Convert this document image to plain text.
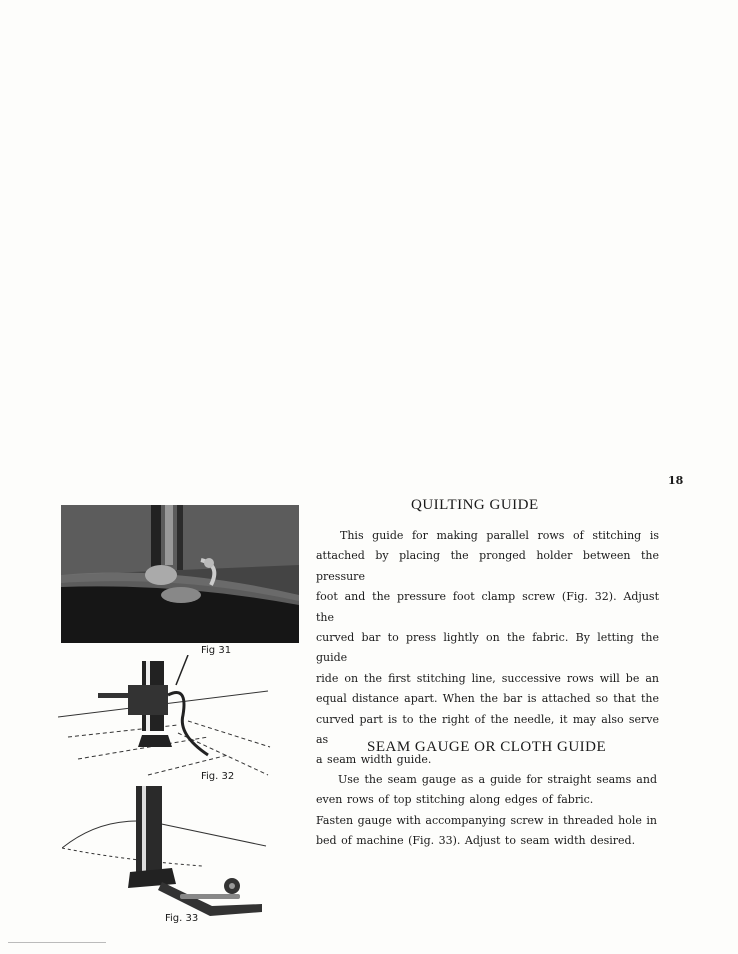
18
Fig 31
Fig. 32
Fig. 33
QUILTING GUIDE
This guide for making parallel rows of stitching is
attached by placing the pronged holder between the pressure
foot and the pressure foot clamp screw (Fig. 32). Adjust the
curved bar to press lightly on the fabric. By letting the guide
ride on the first stitching line, successive rows will be an
equal distance apart. When the bar is attached so that the
curved part is to the right of the needle, it may also serve as
a seam width guide.
SEAM GAUGE OR CLOTH GUIDE
Use the seam gauge as a guide for straight seams and
even rows of top stitching along edges of fabric.
Fasten gauge with accompanying screw in threaded hole in
bed of machine (Fig. 33). Adjust to seam width desired.
